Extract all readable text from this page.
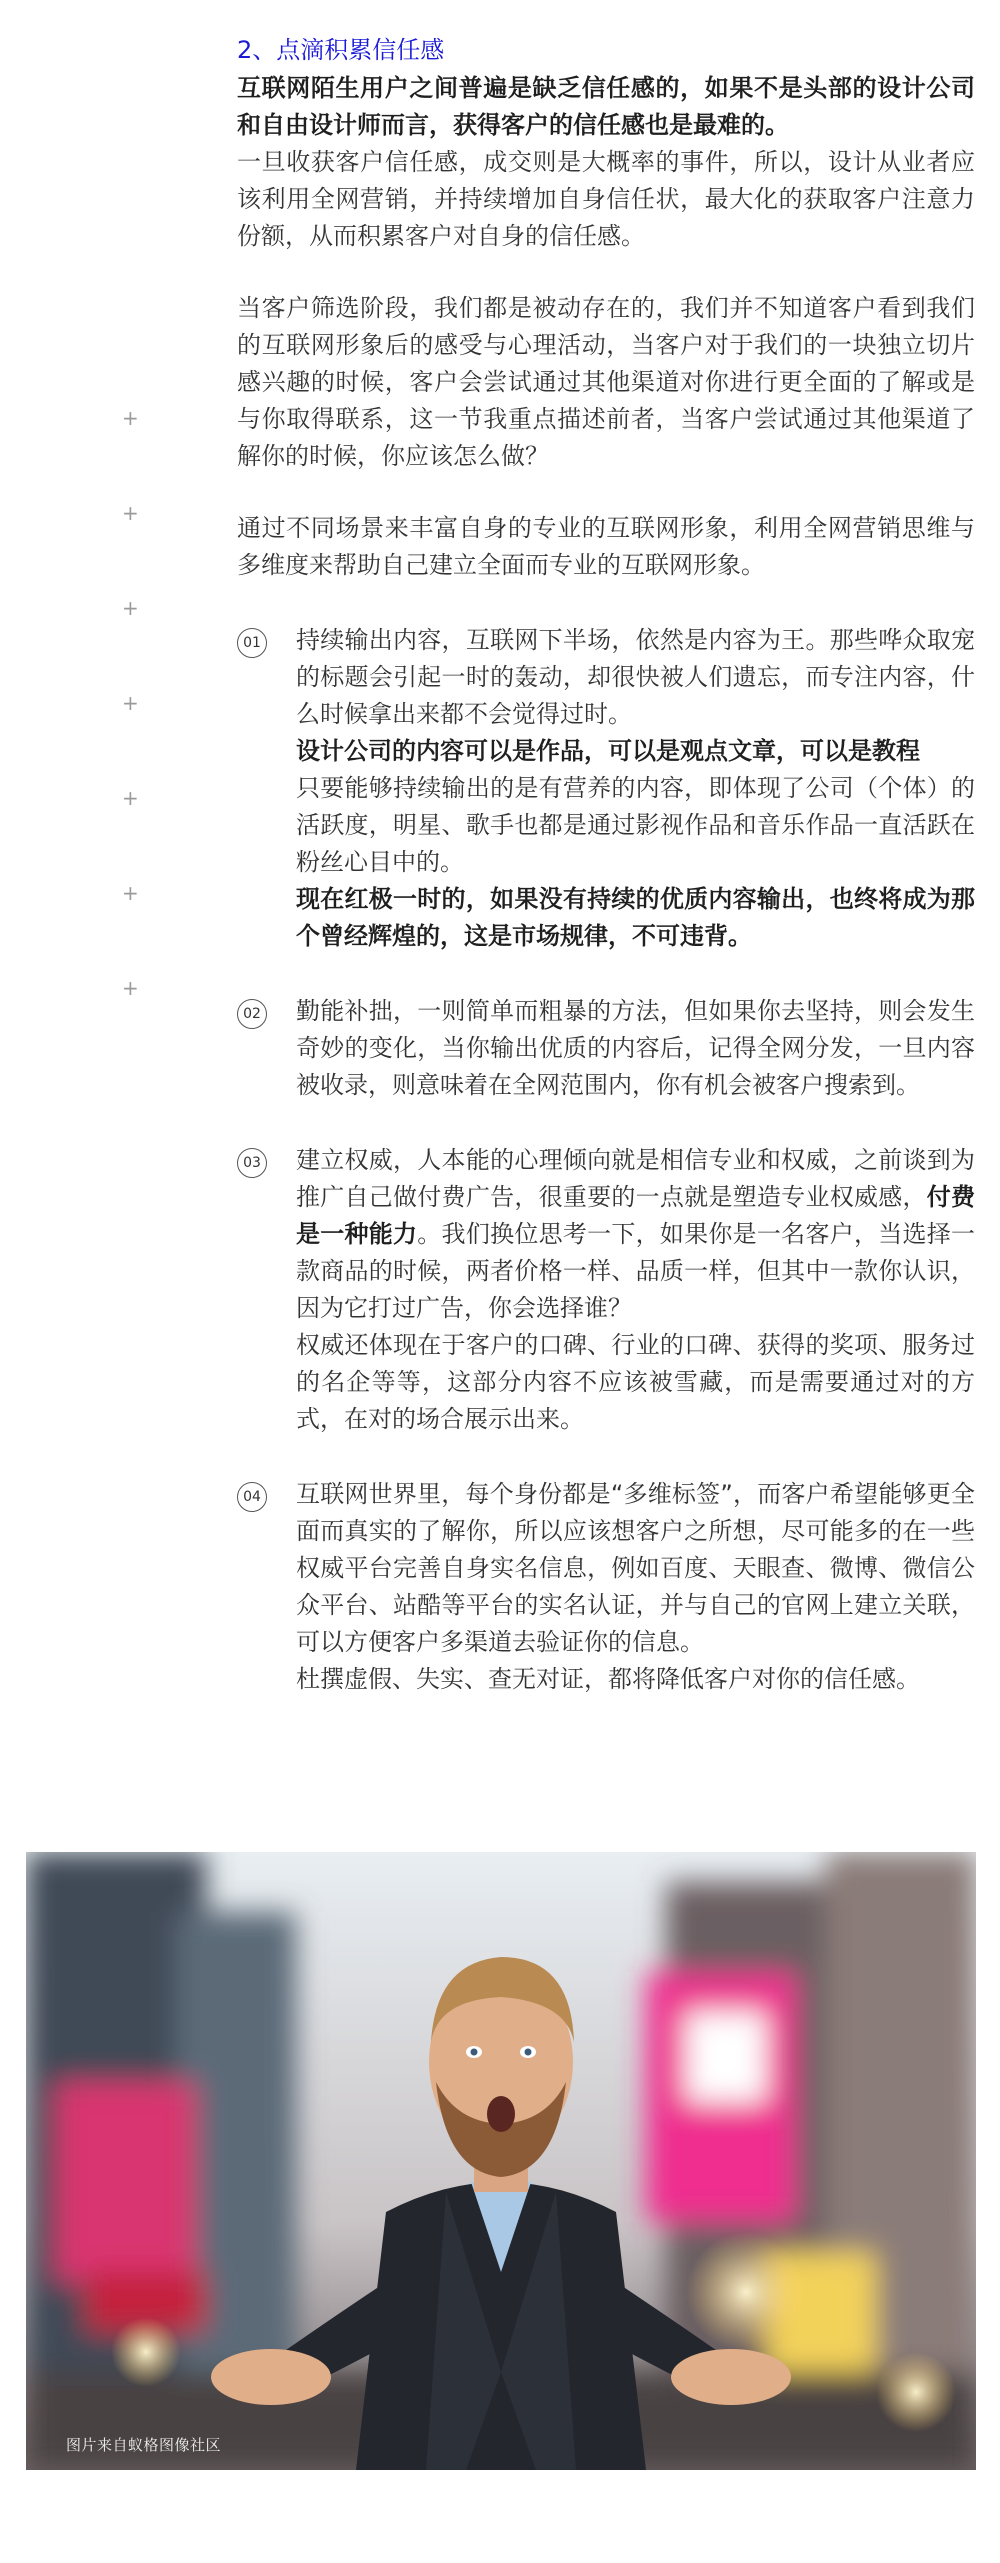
+
+
+
+
+
+
+
2、点滴积累信任感

互联网陌生用户之间普遍是缺乏信任感的，如果不是头部的设计公司和自由设计师而言，获得客户的信任感也是最难的。

一旦收获客户信任感，成交则是大概率的事件，所以，设计从业者应该利用全网营销，并持续增加自身信任状，最大化的获取客户注意力份额，从而积累客户对自身的信任感。

当客户筛选阶段，我们都是被动存在的，我们并不知道客户看到我们的互联网形象后的感受与心理活动，当客户对于我们的一块独立切片感兴趣的时候，客户会尝试通过其他渠道对你进行更全面的了解或是与你取得联系，这一节我重点描述前者，当客户尝试通过其他渠道了解你的时候，你应该怎么做？

通过不同场景来丰富自身的专业的互联网形象，利用全网营销思维与多维度来帮助自己建立全面而专业的互联网形象。

01 持续输出内容，互联网下半场，依然是内容为王。那些哗众取宠的标题会引起一时的轰动，却很快被人们遗忘，而专注内容，什么时候拿出来都不会觉得过时。

设计公司的内容可以是作品，可以是观点文章，可以是教程

只要能够持续输出的是有营养的内容，即体现了公司（个体）的活跃度，明星、歌手也都是通过影视作品和音乐作品一直活跃在粉丝心目中的。

现在红极一时的，如果没有持续的优质内容输出，也终将成为那个曾经辉煌的，这是市场规律，不可违背。

02 勤能补拙，一则简单而粗暴的方法，但如果你去坚持，则会发生奇妙的变化，当你输出优质的内容后，记得全网分发，一旦内容被收录，则意味着在全网范围内，你有机会被客户搜索到。

03 建立权威，人本能的心理倾向就是相信专业和权威，之前谈到为推广自己做付费广告，很重要的一点就是塑造专业权威感，付费是一种能力。我们换位思考一下，如果你是一名客户，当选择一款商品的时候，两者价格一样、品质一样，但其中一款你认识，因为它打过广告，你会选择谁？

权威还体现在于客户的口碑、行业的口碑、获得的奖项、服务过的名企等等，这部分内容不应该被雪藏，而是需要通过对的方式，在对的场合展示出来。

04 互联网世界里，每个身份都是“多维标签”，而客户希望能够更全面而真实的了解你，所以应该想客户之所想，尽可能多的在一些权威平台完善自身实名信息，例如百度、天眼查、微博、微信公众平台、站酷等平台的实名认证，并与自己的官网上建立关联，可以方便客户多渠道去验证你的信息。

杜撰虚假、失实、查无对证，都将降低客户对你的信任感。

图片来自蚁格图像社区
